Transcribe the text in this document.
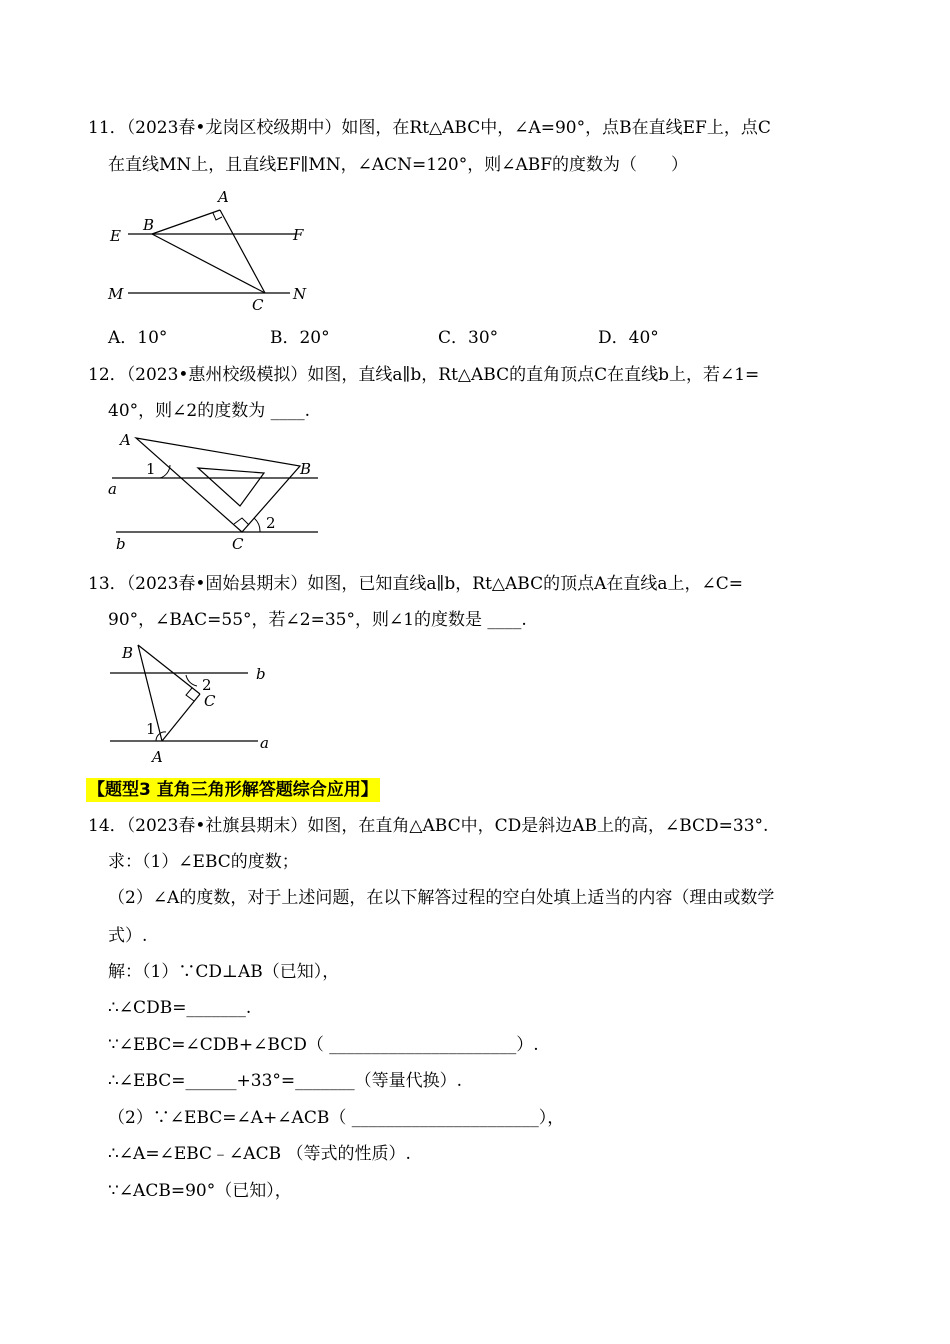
11．（2023春•龙岗区校级期中）如图，在Rt△ABC中，∠A=90°，点B在直线EF上，点C
在直线MN上，且直线EF∥MN，∠ACN=120°，则∠ABF的度数为（　　）
A
B
C
E	F
M	N
A．10°	B．20°	C．30°	D．40°
12．（2023•惠州校级模拟）如图，直线a∥b，Rt△ABC的直角顶点C在直线b上，若∠1=
40°，则∠2的度数为 ____.
A
B
C
a
b
1
2
13．（2023春•固始县期末）如图，已知直线a∥b，Rt△ABC的顶点A在直线a上，∠C=
90°，∠BAC=55°，若∠2=35°，则∠1的度数是 ____.
B
C
A
b
a
2
1
【题型3 直角三角形解答题综合应用】
14．（2023春•社旗县期末）如图，在直角△ABC中，CD是斜边AB上的高，∠BCD=33°.
求：（1）∠EBC的度数；
（2）∠A的度数，对于上述问题，在以下解答过程的空白处填上适当的内容（理由或数学
式）.
解：（1）∵CD⊥AB（已知），
∴∠CDB=_______.
∵∠EBC=∠CDB+∠BCD（ ______________________）.
∴∠EBC=______+33°=_______（等量代换）.
（2）∵∠EBC=∠A+∠ACB（ ______________________），
∴∠A=∠EBC﹣∠ACB （等式的性质）.
∵∠ACB=90°（已知），
